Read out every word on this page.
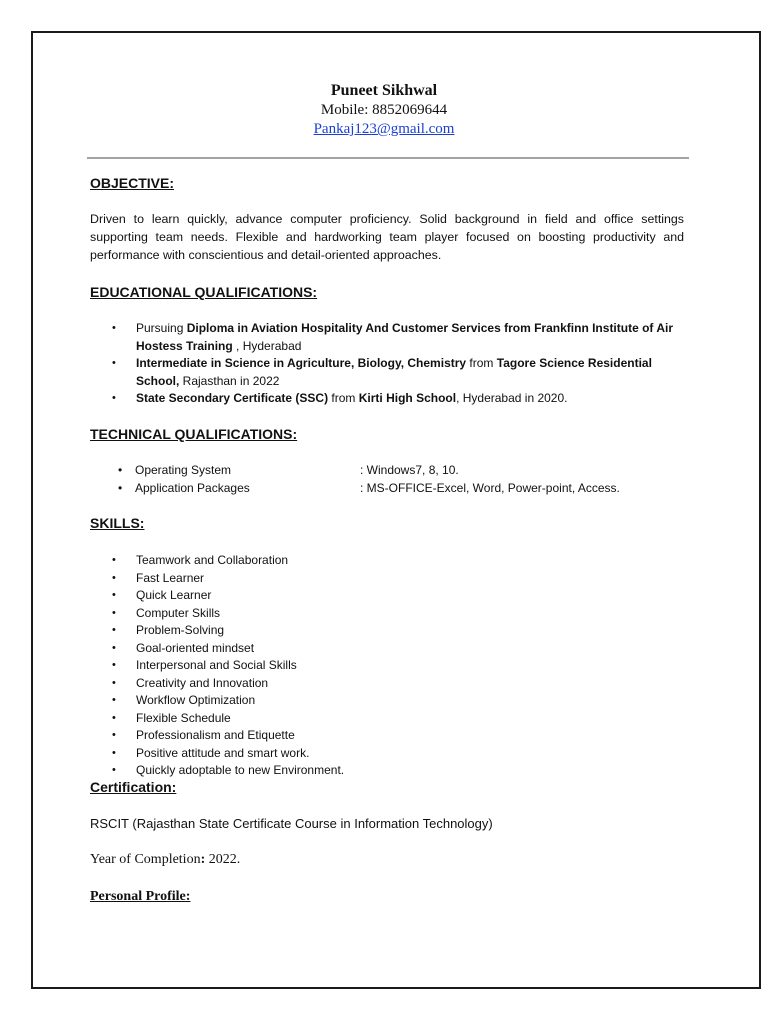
Puneet Sikhwal
Mobile: 8852069644
Pankaj123@gmail.com
OBJECTIVE:
Driven to learn quickly, advance computer proficiency. Solid background in field and office settings supporting team needs. Flexible and hardworking team player focused on boosting productivity and performance with conscientious and detail-oriented approaches.
EDUCATIONAL QUALIFICATIONS:
• Pursuing Diploma in Aviation Hospitality And Customer Services from Frankfinn Institute of Air Hostess Training , Hyderabad
• Intermediate in Science in Agriculture, Biology, Chemistry from Tagore Science Residential School, Rajasthan in 2022
• State Secondary Certificate (SSC) from Kirti High School, Hyderabad in 2020.
TECHNICAL QUALIFICATIONS:
• Operating System	: Windows7, 8, 10.
• Application Packages	: MS-OFFICE-Excel, Word, Power-point, Access.
SKILLS:
• Teamwork and Collaboration
• Fast Learner
• Quick Learner
• Computer Skills
• Problem-Solving
• Goal-oriented mindset
• Interpersonal and Social Skills
• Creativity and Innovation
• Workflow Optimization
• Flexible Schedule
• Professionalism and Etiquette
• Positive attitude and smart work.
• Quickly adoptable to new Environment.
Certification:
RSCIT (Rajasthan State Certificate Course in Information Technology)
Year of Completion: 2022.
Personal Profile:
